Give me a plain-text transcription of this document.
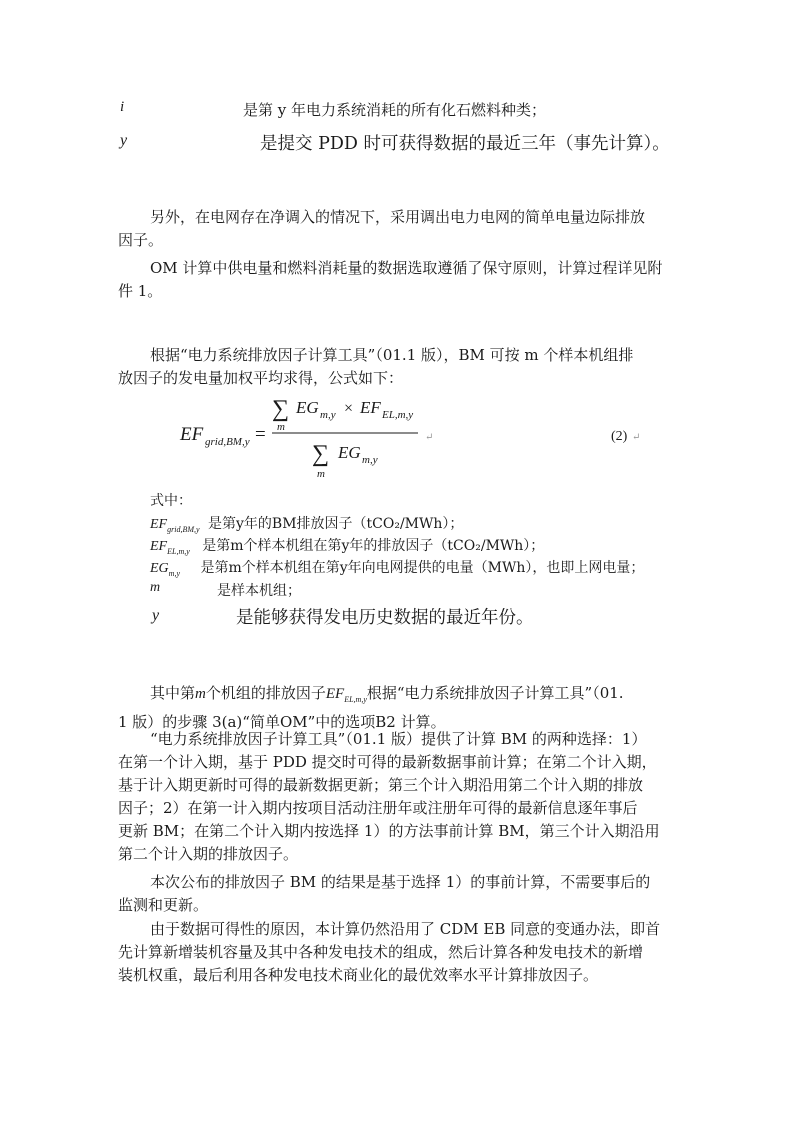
i	是第 y 年电力系统消耗的所有化石燃料种类；
y	是提交 PDD 时可获得数据的最近三年（事先计算）。
另外，在电网存在净调入的情况下，采用调出电力电网的简单电量边际排放
因子。
OM 计算中供电量和燃料消耗量的数据选取遵循了保守原则，计算过程详见附
件 1。
根据“电力系统排放因子计算工具”（01.1 版），BM 可按 m 个样本机组排
放因子的发电量加权平均求得，公式如下：
EF grid,BM,y =
∑
m
EG m,y × EF EL,m,y
∑
m
EG m,y
↵	(2) ↵
式中：
$EF_{grid,BM,y}$ 是第y年的BM排放因子（tCO₂/MWh）；
$EF_{EL,m,y}$ 是第m个样本机组在第y年的排放因子（tCO₂/MWh）；
$EG_{m,y}$ 是第m个样本机组在第y年向电网提供的电量（MWh），也即上网电量；
m	是样本机组；
y	是能够获得发电历史数据的最近年份。
其中第m个机组的排放因子$EF_{EL,m,y}$根据“电力系统排放因子计算工具”（01.
1 版）的步骤 3(a)“简单OM”中的选项B2 计算。
“电力系统排放因子计算工具”（01.1 版）提供了计算 BM 的两种选择：1）
在第一个计入期，基于 PDD 提交时可得的最新数据事前计算；在第二个计入期，
基于计入期更新时可得的最新数据更新；第三个计入期沿用第二个计入期的排放
因子；2）在第一计入期内按项目活动注册年或注册年可得的最新信息逐年事后
更新 BM；在第二个计入期内按选择 1）的方法事前计算 BM，第三个计入期沿用
第二个计入期的排放因子。
本次公布的排放因子 BM 的结果是基于选择 1）的事前计算，不需要事后的
监测和更新。
由于数据可得性的原因，本计算仍然沿用了 CDM EB 同意的变通办法，即首
先计算新增装机容量及其中各种发电技术的组成，然后计算各种发电技术的新增
装机权重，最后利用各种发电技术商业化的最优效率水平计算排放因子。
